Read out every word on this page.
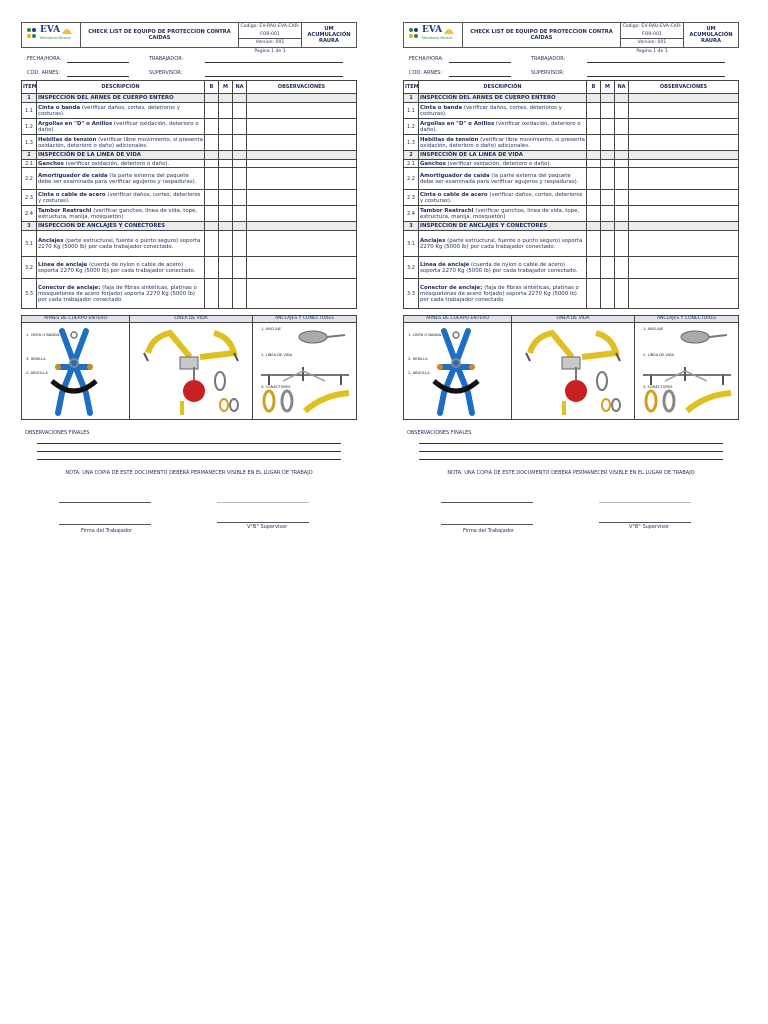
EVA
Ministerio Minera
CHECK LIST DE EQUIPO DE PROTECCION CONTRA CAIDAS
Codigo: EV-RAU-EVA-CAR-FOR-001
Version: 001
Pagina 1 de 1
UM ACUMULACIÓN RAURA
FECHA/HORA:	TRABAJADOR:
COD. ARNES:	SUPERVISOR:
ITEM	DESCRIPCIÓN	B	M	NA	OBSERVACIÓNES
1	INSPECCION DEL ARNES DE CUERPO ENTERO				
1.1	Cinta o banda (verificar daños, cortes, deterioros y costuras).				
1.2	Argollas en "D" o Anillos (verificar oxidación, deterioro o daño).				
1.3	Hebillas de tensión (verificar libre movimiento, si presenta oxidación, deterioro o daño) adicionales.				
2	INSPECCIÓN DE LA LINEA DE VIDA				
2.1	Ganchos (verificar oxidación, deterioro o daño).				
2.2	Amortiguador de caída (la parte externa del paquete debe ser examinada para verificar agujeros y raspaduras).				
2.3	Cinta o cable de acero (verificar daños, cortes, deterioros y costuras).				
2.4	Tambor Reatrachl (verificar ganchos, linea de vida, tope, estructura, manija, mosquetón)				
3	INSPECCION DE ANCLAJES Y CONECTORES				
3.1	Anclajes (parte estructural, fuente o punto seguro) soporta 2270 Kg (5000 lb) por cada trabajador conectado.				
3.2	Linea de anclaje (cuerda de nylon o cable de acero) soporta 2270 Kg (5000 lb) por cada trabajador conectado.				
3.3	Conector de anclaje: (faja de fibras sintéticas, platinas o mosquetones de acero forjado) soporta 2270 Kg (5000 lb) por cada trabajador conectado.				
ARNES DE CUERPO ENTERO	LINEA DE VIDA	ANCLAJES Y CONECTORES
1. CINTA O BANDA
3. HEBILLA
2. ARGOLLA
1. ANCLAJE
2. LINEA DE VIDA
3. CONECTORES
OBSERVACIONES FINALES
NOTA: UNA COPIA DE ESTE DOCUMENTO DEBERÁ PERMANECER VISIBLE EN EL LUGAR DE TRABAJO
Firma del Trabajador
V°B° Supervisor
EVA
Ministerio Minera
CHECK LIST DE EQUIPO DE PROTECCION CONTRA CAIDAS
Codigo: EV-RAU-EVA-CAR-FOR-001
Version: 001
Pagina 1 de 1
UM ACUMULACIÓN RAURA
FECHA/HORA:	TRABAJADOR:
COD. ARNES:	SUPERVISOR:
ITEM	DESCRIPCIÓN	B	M	NA	OBSERVACIÓNES
1	INSPECCION DEL ARNES DE CUERPO ENTERO				
1.1	Cinta o banda (verificar daños, cortes, deterioros y costuras).				
1.2	Argollas en "D" o Anillos (verificar oxidación, deterioro o daño).				
1.3	Hebillas de tensión (verificar libre movimiento, si presenta oxidación, deterioro o daño) adicionales.				
2	INSPECCIÓN DE LA LINEA DE VIDA				
2.1	Ganchos (verificar oxidación, deterioro o daño).				
2.2	Amortiguador de caída (la parte externa del paquete debe ser examinada para verificar agujeros y raspaduras).				
2.3	Cinta o cable de acero (verificar daños, cortes, deterioros y costuras).				
2.4	Tambor Reatrachl (verificar ganchos, linea de vida, tope, estructura, manija, mosquetón)				
3	INSPECCION DE ANCLAJES Y CONECTORES				
3.1	Anclajes (parte estructural, fuente o punto seguro) soporta 2270 Kg (5000 lb) por cada trabajador conectado.				
3.2	Linea de anclaje (cuerda de nylon o cable de acero) soporta 2270 Kg (5000 lb) por cada trabajador conectado.				
3.3	Conector de anclaje: (faja de fibras sintéticas, platinas o mosquetones de acero forjado) soporta 2270 Kg (5000 lb) por cada trabajador conectado.				
ARNES DE CUERPO ENTERO	LINEA DE VIDA	ANCLAJES Y CONECTORES
1. CINTA O BANDA
3. HEBILLA
2. ARGOLLA
1. ANCLAJE
2. LINEA DE VIDA
3. CONECTORES
OBSERVACIONES FINALES
NOTA: UNA COPIA DE ESTE DOCUMENTO DEBERÁ PERMANECER VISIBLE EN EL LUGAR DE TRABAJO
Firma del Trabajador
V°B° Supervisor
